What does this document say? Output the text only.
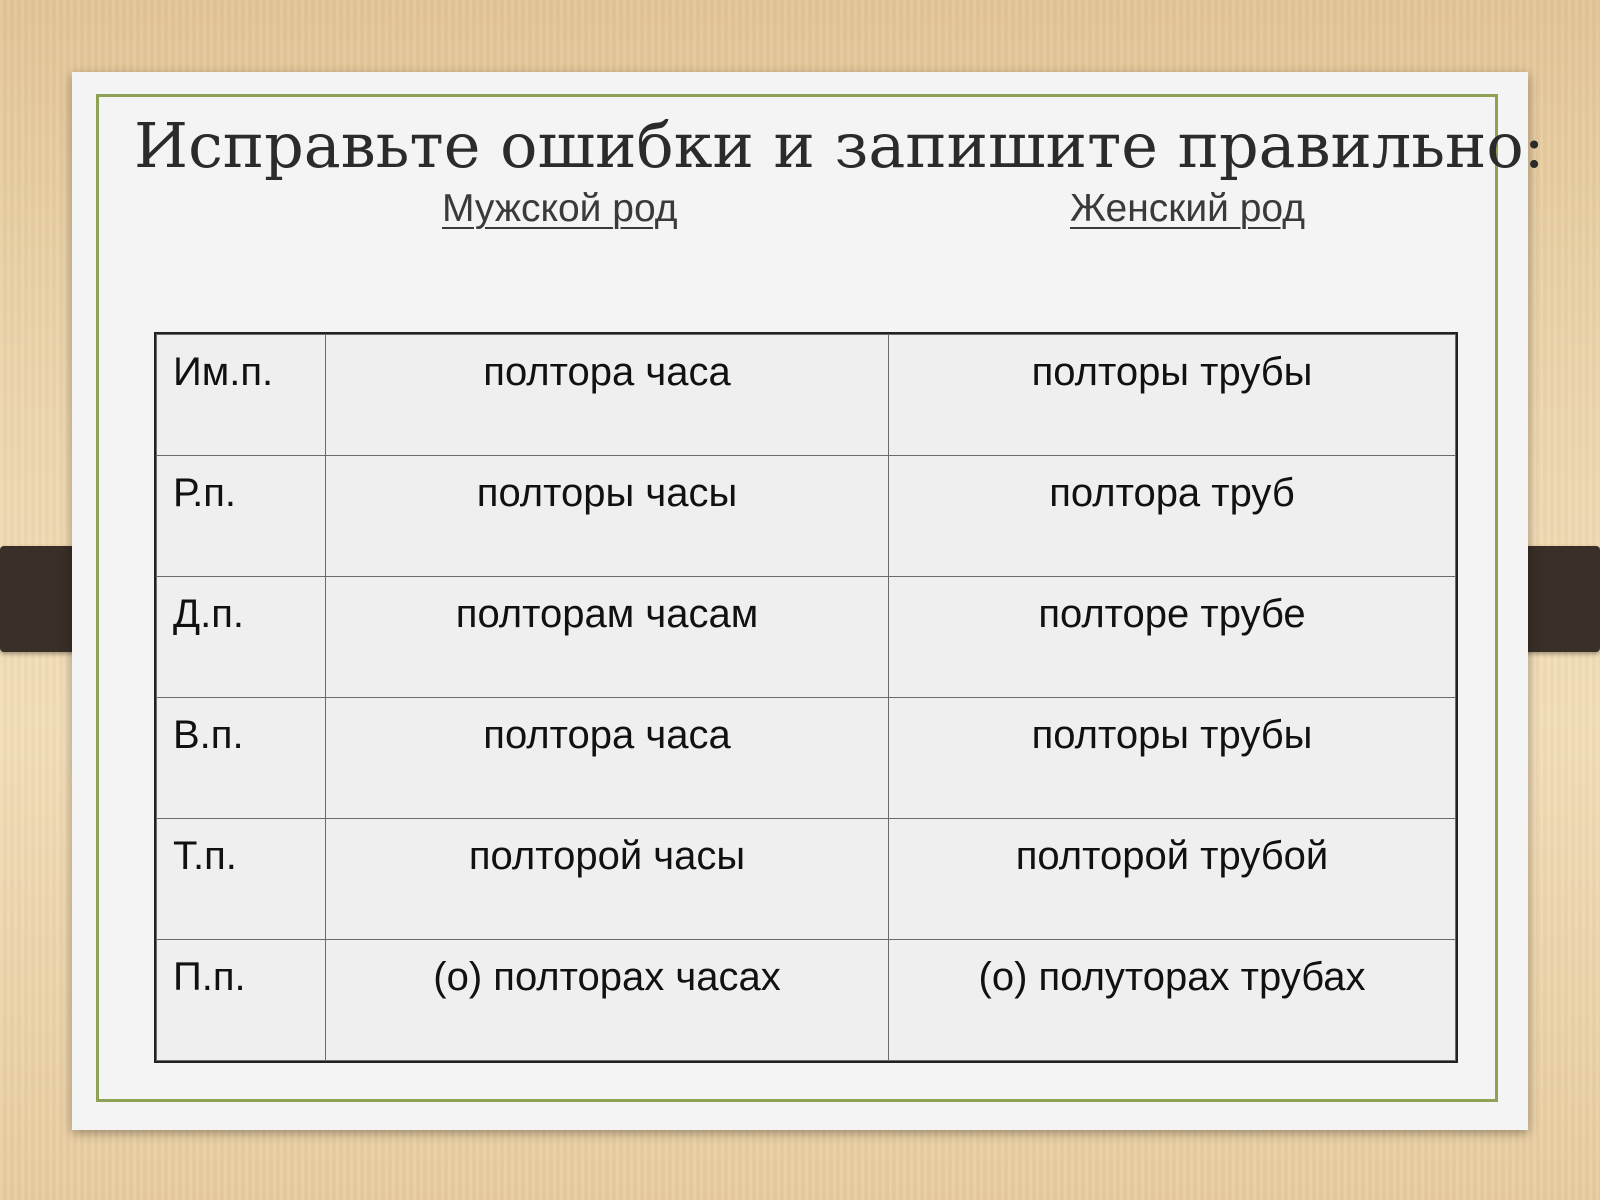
Исправьте ошибки и запишите правильно:
Мужской род	Женский род
Им.п.	полтора часа	полторы трубы
Р.п.	полторы часы	полтора труб
Д.п.	полторам часам	полторе трубе
В.п.	полтора часа	полторы трубы
Т.п.	полторой часы	полторой трубой
П.п.	(о) полторах часах	(о) полуторах трубах
